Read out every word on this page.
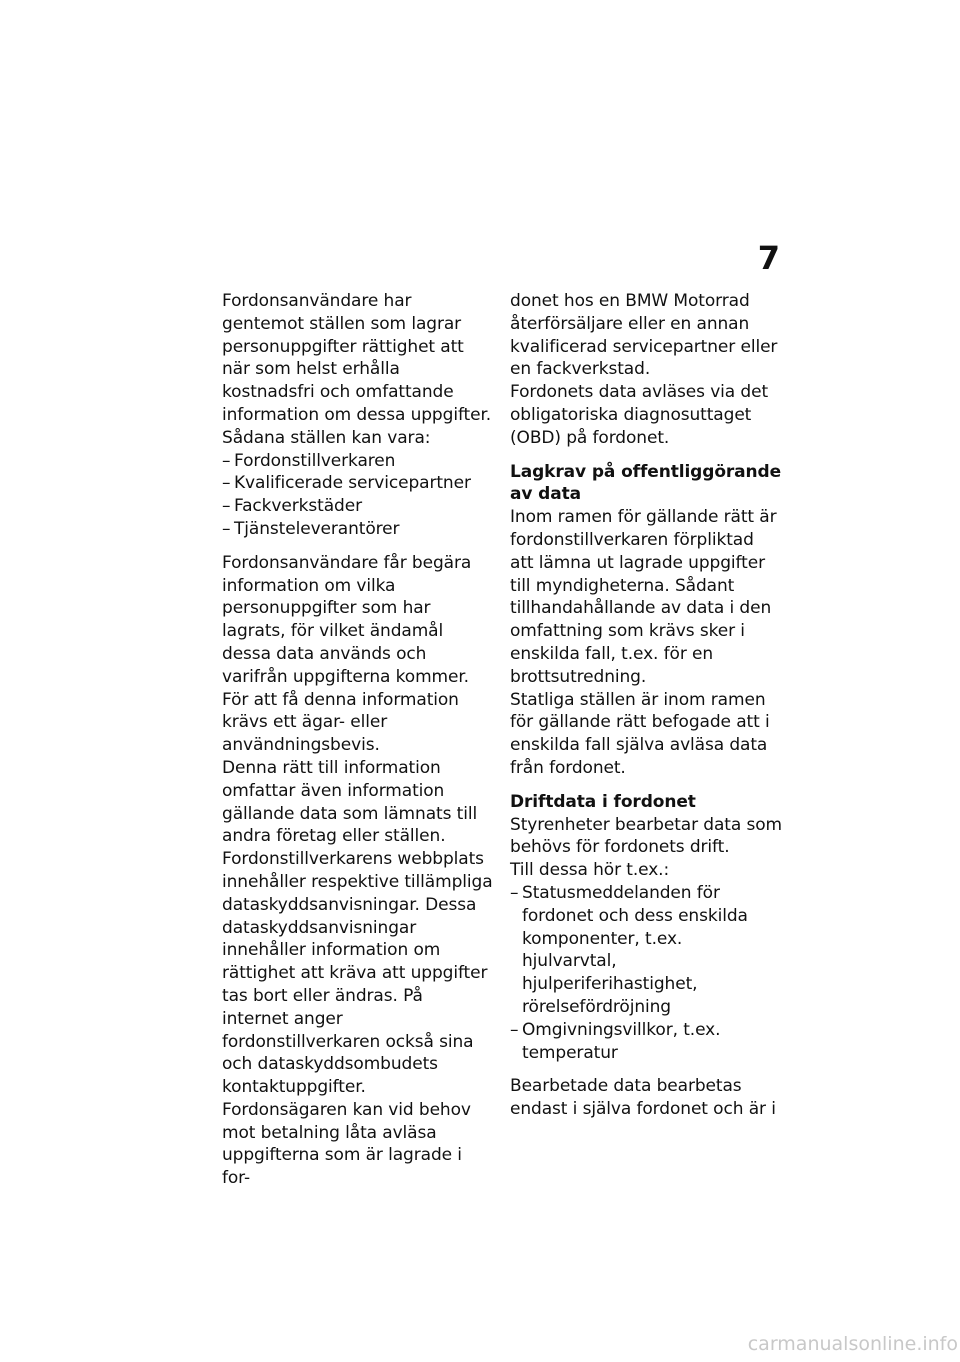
7

Fordonsanvändare har gentemot ställen som lagrar personuppgifter rättighet att när som helst erhålla kostnadsfri och omfattande information om dessa uppgifter.

Sådana ställen kan vara:

– Fordonstillverkaren
– Kvalificerade servicepartner
– Fackverkstäder
– Tjänsteleverantörer

Fordonsanvändare får begära information om vilka personuppgifter som har lagrats, för vilket ändamål dessa data används och varifrån uppgifterna kommer. För att få denna information krävs ett ägar- eller användningsbevis.

Denna rätt till information omfattar även information gällande data som lämnats till andra företag eller ställen.

Fordonstillverkarens webbplats innehåller respektive tillämpliga dataskyddsanvisningar. Dessa dataskyddsanvisningar innehåller information om rättighet att kräva att uppgifter tas bort eller ändras. På internet anger fordonstillverkaren också sina och dataskyddsombudets kontaktuppgifter.

Fordonsägaren kan vid behov mot betalning låta avläsa uppgifterna som är lagrade i for-

donet hos en BMW Motorrad återförsäljare eller en annan kvalificerad servicepartner eller en fackverkstad.

Fordonets data avläses via det obligatoriska diagnosuttaget (OBD) på fordonet.

Lagkrav på offentliggörande av data

Inom ramen för gällande rätt är fordonstillverkaren förpliktad att lämna ut lagrade uppgifter till myndigheterna. Sådant tillhandahållande av data i den omfattning som krävs sker i enskilda fall, t.ex. för en brottsutredning.

Statliga ställen är inom ramen för gällande rätt befogade att i enskilda fall själva avläsa data från fordonet.

Driftdata i fordonet

Styrenheter bearbetar data som behövs för fordonets drift.

Till dessa hör t.ex.:

– Statusmeddelanden för fordonet och dess enskilda komponenter, t.ex. hjulvarvtal, hjulperiferihastighet, rörelsefördröjning
– Omgivningsvillkor, t.ex. temperatur

Bearbetade data bearbetas endast i själva fordonet och är i

carmanualsonline.info
